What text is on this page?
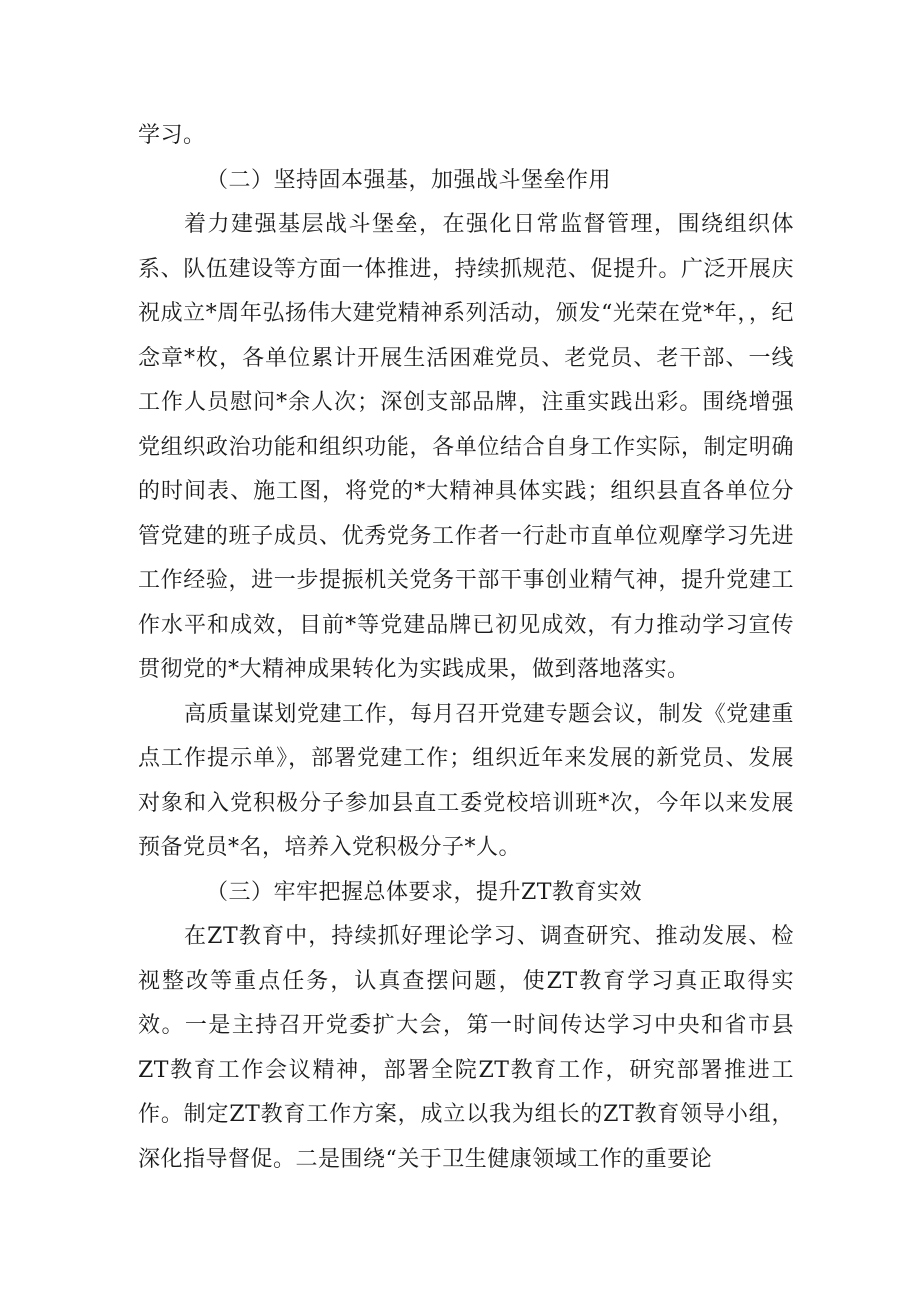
学习。

（二）坚持固本强基，加强战斗堡垒作用

着力建强基层战斗堡垒，在强化日常监督管理，围绕组织体系、队伍建设等方面一体推进，持续抓规范、促提升。广泛开展庆祝成立*周年弘扬伟大建党精神系列活动，颁发“光荣在党*年，，纪念章*枚，各单位累计开展生活困难党员、老党员、老干部、一线工作人员慰问*余人次；深创支部品牌，注重实践出彩。围绕增强党组织政治功能和组织功能，各单位结合自身工作实际，制定明确的时间表、施工图，将党的*大精神具体实践；组织县直各单位分管党建的班子成员、优秀党务工作者一行赴市直单位观摩学习先进工作经验，进一步提振机关党务干部干事创业精气神，提升党建工作水平和成效，目前*等党建品牌已初见成效，有力推动学习宣传贯彻党的*大精神成果转化为实践成果，做到落地落实。

高质量谋划党建工作，每月召开党建专题会议，制发《党建重点工作提示单》，部署党建工作；组织近年来发展的新党员、发展对象和入党积极分子参加县直工委党校培训班*次，今年以来发展预备党员*名，培养入党积极分子*人。

（三）牢牢把握总体要求，提升ZT教育实效

在ZT教育中，持续抓好理论学习、调查研究、推动发展、检视整改等重点任务，认真查摆问题，使ZT教育学习真正取得实效。一是主持召开党委扩大会，第一时间传达学习中央和省市县ZT教育工作会议精神，部署全院ZT教育工作，研究部署推进工作。制定ZT教育工作方案，成立以我为组长的ZT教育领导小组，深化指导督促。二是围绕“关于卫生健康领域工作的重要论
